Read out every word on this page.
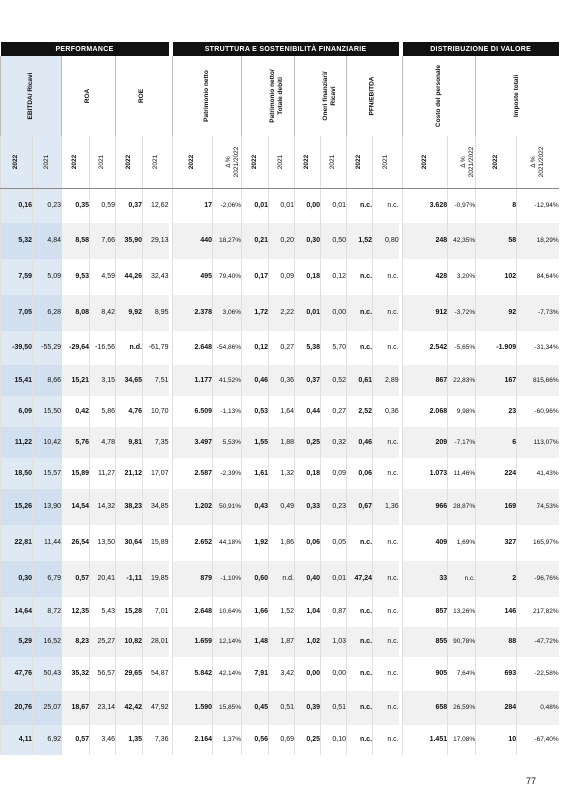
PERFORMANCE							STRUTTURA E SOSTENIBILITÀ FINANZIARIE									DISTRIBUZIONE DI VALORE			
EBITDA/ Ricavi		ROA		ROE			Patrimonio netto		Patrimonio netto/ Totale debiti		Oneri finanziari/ Ricavi		PFN/EBITDA			Costo del personale		Imposte totali	
2022	2021	2022	2021	2022	2021		2022	Δ % 2021/2022	2022	2021	2022	2021	2022	2021		2022	Δ % 2021/2022	2022	Δ % 2021/2022
0,16	0,23	0,35	0,59	0,37	12,62		17	-2,06%	0,01	0,01	0,00	0,01	n.c.	n.c.		3.628	-0,97%	8	-12,94%
5,32	4,84	8,58	7,66	35,90	29,13		440	18,27%	0,21	0,20	0,30	0,50	1,52	0,80		248	42,35%	58	18,29%
7,59	5,09	9,53	4,59	44,26	32,43		495	79,40%	0,17	0,09	0,18	0,12	n.c.	n.c.		428	3,20%	102	84,64%
7,05	6,28	8,08	8,42	9,92	8,95		2.378	3,06%	1,72	2,22	0,01	0,00	n.c.	n.c.		912	-3,72%	92	-7,73%
-39,50	-55,29	-29,64	-16,56	n.d.	-61,79		2.648	-54,86%	0,12	0,27	5,38	5,70	n.c.	n.c.		2.542	-5,65%	-1.909	-31,34%
15,41	8,66	15,21	3,15	34,65	7,51		1.177	41,52%	0,46	0,36	0,37	0,52	0,61	2,89		867	22,83%	167	815,66%
6,09	15,50	0,42	5,86	4,76	10,70		6.509	-1,13%	0,53	1,64	0,44	0,27	2,52	0,36		2.068	9,98%	23	-60,96%
11,22	10,42	5,76	4,78	9,81	7,35		3.497	5,53%	1,55	1,88	0,25	0,32	0,46	n.c.		209	-7,17%	6	113,07%
18,50	15,57	15,89	11,27	21,12	17,07		2.587	-2,39%	1,61	1,32	0,18	0,09	0,06	n.c.		1.073	11,46%	224	41,43%
15,26	13,90	14,54	14,32	38,23	34,85		1.202	50,91%	0,43	0,49	0,33	0,23	0,67	1,36		966	28,87%	169	74,53%
22,81	11,44	26,54	13,50	30,64	15,89		2.652	44,18%	1,92	1,86	0,06	0,05	n.c.	n.c.		409	1,69%	327	165,97%
0,30	6,79	0,57	20,41	-1,11	19,85		879	-1,10%	0,60	n.d.	0,40	0,01	47,24	n.c.		33	n.c.	2	-96,76%
14,64	8,72	12,35	5,43	15,28	7,01		2.648	10,64%	1,66	1,52	1,04	0,87	n.c.	n.c.		857	13,26%	146	217,82%
5,29	16,52	8,23	25,27	10,82	28,01		1.659	12,14%	1,48	1,87	1,02	1,03	n.c.	n.c.		855	90,78%	88	-47,72%
47,76	50,43	35,32	56,57	29,65	54,87		5.842	42,14%	7,91	3,42	0,00	0,00	n.c.	n.c.		905	7,64%	693	-22,58%
20,76	25,07	18,67	23,14	42,42	47,92		1.590	15,85%	0,45	0,51	0,39	0,51	n.c.	n.c.		658	26,59%	284	0,48%
4,11	6,92	0,57	3,46	1,35	7,36		2.164	1,37%	0,56	0,69	0,25	0,10	n.c.	n.c.		1.451	17,08%	10	-67,40%
77
